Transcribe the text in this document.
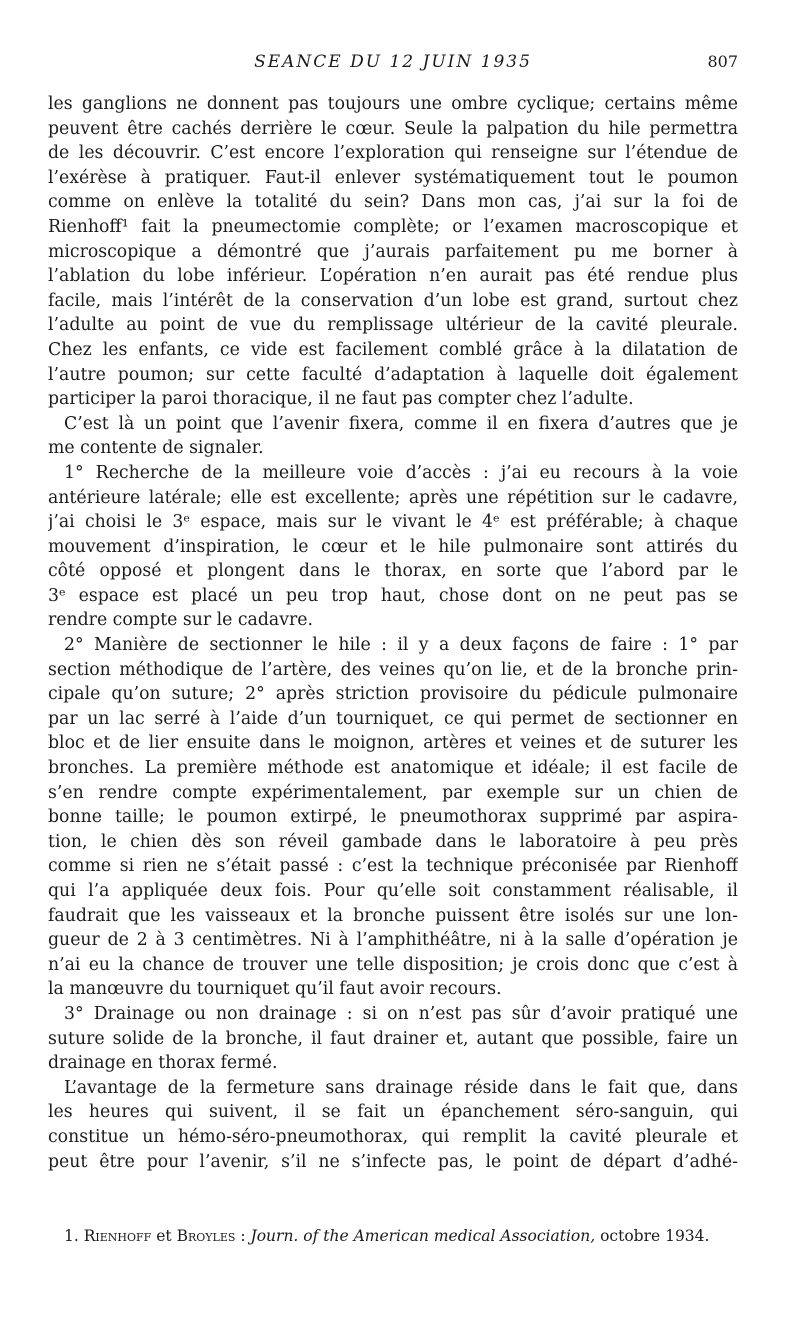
SEANCE DU 12 JUIN 1935	807
les ganglions ne donnent pas toujours une ombre cyclique; certains même
peuvent être cachés derrière le cœur. Seule la palpation du hile permettra
de les découvrir. C’est encore l’exploration qui renseigne sur l’étendue de
l’exérèse à pratiquer. Faut-il enlever systématiquement tout le poumon
comme on enlève la totalité du sein? Dans mon cas, j’ai sur la foi de
Rienhoff¹ fait la pneumectomie complète; or l’examen macroscopique et
microscopique a démontré que j’aurais parfaitement pu me borner à
l’ablation du lobe inférieur. L’opération n’en aurait pas été rendue plus
facile, mais l’intérêt de la conservation d’un lobe est grand, surtout chez
l’adulte au point de vue du remplissage ultérieur de la cavité pleurale.
Chez les enfants, ce vide est facilement comblé grâce à la dilatation de
l’autre poumon; sur cette faculté d’adaptation à laquelle doit également
participer la paroi thoracique, il ne faut pas compter chez l’adulte.
C’est là un point que l’avenir fixera, comme il en fixera d’autres que je
me contente de signaler.
1° Recherche de la meilleure voie d’accès : j’ai eu recours à la voie
antérieure latérale; elle est excellente; après une répétition sur le cadavre,
j’ai choisi le 3ᵉ espace, mais sur le vivant le 4ᵉ est préférable; à chaque
mouvement d’inspiration, le cœur et le hile pulmonaire sont attirés du
côté opposé et plongent dans le thorax, en sorte que l’abord par le
3ᵉ espace est placé un peu trop haut, chose dont on ne peut pas se
rendre compte sur le cadavre.
2° Manière de sectionner le hile : il y a deux façons de faire : 1° par
section méthodique de l’artère, des veines qu’on lie, et de la bronche prin-
cipale qu’on suture; 2° après striction provisoire du pédicule pulmonaire
par un lac serré à l’aide d’un tourniquet, ce qui permet de sectionner en
bloc et de lier ensuite dans le moignon, artères et veines et de suturer les
bronches. La première méthode est anatomique et idéale; il est facile de
s’en rendre compte expérimentalement, par exemple sur un chien de
bonne taille; le poumon extirpé, le pneumothorax supprimé par aspira-
tion, le chien dès son réveil gambade dans le laboratoire à peu près
comme si rien ne s’était passé : c’est la technique préconisée par Rienhoff
qui l’a appliquée deux fois. Pour qu’elle soit constamment réalisable, il
faudrait que les vaisseaux et la bronche puissent être isolés sur une lon-
gueur de 2 à 3 centimètres. Ni à l’amphithéâtre, ni à la salle d’opération je
n’ai eu la chance de trouver une telle disposition; je crois donc que c’est à
la manœuvre du tourniquet qu’il faut avoir recours.
3° Drainage ou non drainage : si on n’est pas sûr d’avoir pratiqué une
suture solide de la bronche, il faut drainer et, autant que possible, faire un
drainage en thorax fermé.
L’avantage de la fermeture sans drainage réside dans le fait que, dans
les heures qui suivent, il se fait un épanchement séro-sanguin, qui
constitue un hémo-séro-pneumothorax, qui remplit la cavité pleurale et
peut être pour l’avenir, s’il ne s’infecte pas, le point de départ d’adhé-
1. Rienhoff et Broyles : Journ. of the American medical Association, octobre 1934.
